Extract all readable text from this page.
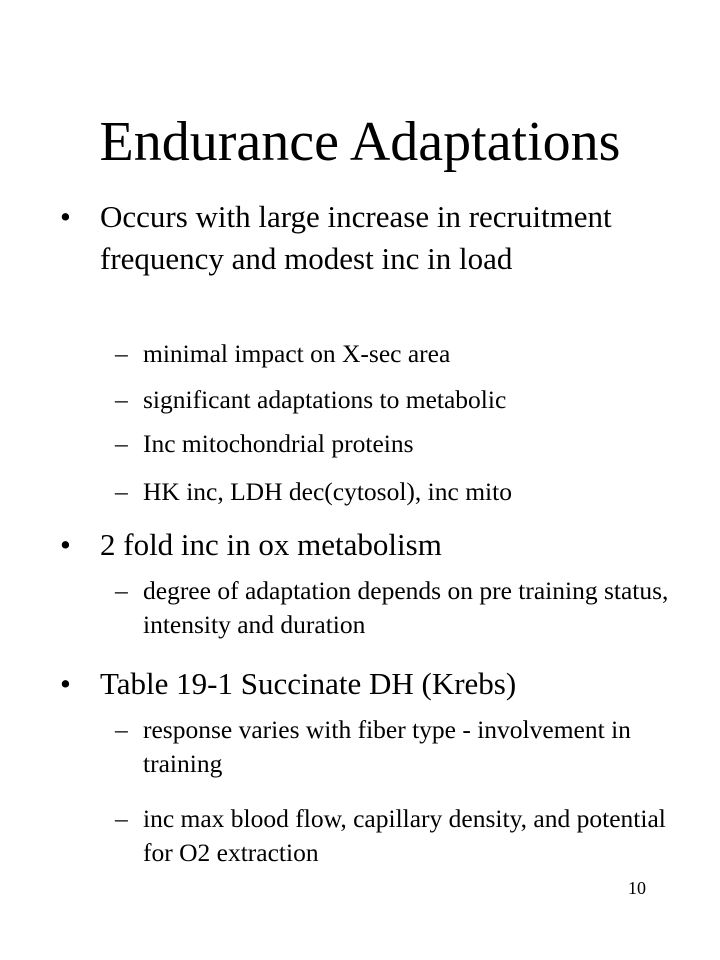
Endurance Adaptations
• Occurs with large increase in recruitment frequency and modest inc in load
– minimal impact on X-sec area
– significant adaptations to metabolic
– Inc mitochondrial proteins
– HK inc, LDH dec(cytosol), inc mito
• 2 fold inc in ox metabolism
– degree of adaptation depends on pre training status, intensity and duration
• Table 19-1 Succinate DH (Krebs)
– response varies with fiber type - involvement in training
– inc max blood flow, capillary density, and potential for O2 extraction
10
